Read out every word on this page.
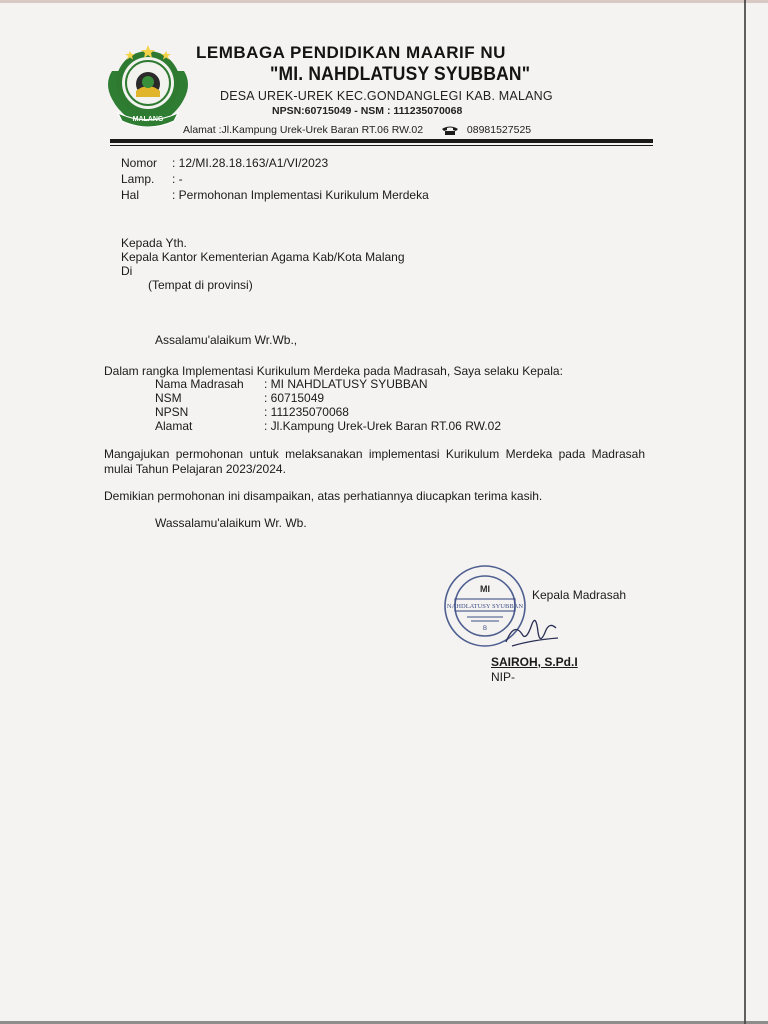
MALANG
LEMBAGA PENDIDIKAN MAARIF NU
"MI. NAHDLATUSY SYUBBAN"
DESA UREK-UREK KEC.GONDANGLEGI KAB. MALANG
NPSN:60715049 - NSM : 111235070068
Alamat :Jl.Kampung Urek-Urek Baran RT.06 RW.02	08981527525
Nomor : 12/MI.28.18.163/A1/VI/2023
Lamp. : -
Hal	: Permohonan Implementasi Kurikulum Merdeka
Kepada Yth.
Kepala Kantor Kementerian Agama Kab/Kota Malang
Di
(Tempat di provinsi)
Assalamu'alaikum Wr.Wb.,
Dalam rangka Implementasi Kurikulum Merdeka pada Madrasah, Saya selaku Kepala:
Nama Madrasah : MI NAHDLATUSY SYUBBAN
NSM	: 60715049
NPSN	: 111235070068
Alamat	: Jl.Kampung Urek-Urek Baran RT.06 RW.02
Mangajukan permohonan untuk melaksanakan implementasi Kurikulum Merdeka pada Madrasah mulai Tahun Pelajaran 2023/2024.
Demikian permohonan ini disampaikan, atas perhatiannya diucapkan terima kasih.
Wassalamu'alaikum Wr. Wb.
Kepala Madrasah
NAHDLATUSY SYUBBAN
MI
B
SAIROH, S.Pd.I
NIP-
